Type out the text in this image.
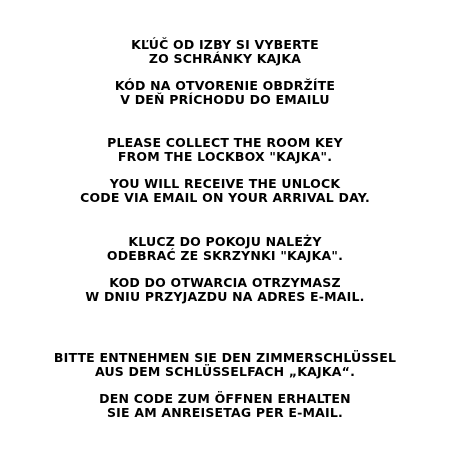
KĽÚČ OD IZBY SI VYBERTE
ZO SCHRÁNKY KAJKA
KÓD NA OTVORENIE OBDRŽÍTE
V DEŇ PRÍCHODU DO EMAILU
PLEASE COLLECT THE ROOM KEY
FROM THE LOCKBOX "KAJKA".
YOU WILL RECEIVE THE UNLOCK
CODE VIA EMAIL ON YOUR ARRIVAL DAY.
KLUCZ DO POKOJU NALEŻY
ODEBRAĆ ZE SKRZYNKI "KAJKA".
KOD DO OTWARCIA OTRZYMASZ
W DNIU PRZYJAZDU NA ADRES E-MAIL.
BITTE ENTNEHMEN SIE DEN ZIMMERSCHLÜSSEL
AUS DEM SCHLÜSSELFACH „KAJKA“.
DEN CODE ZUM ÖFFNEN ERHALTEN
SIE AM ANREISETAG PER E-MAIL.
